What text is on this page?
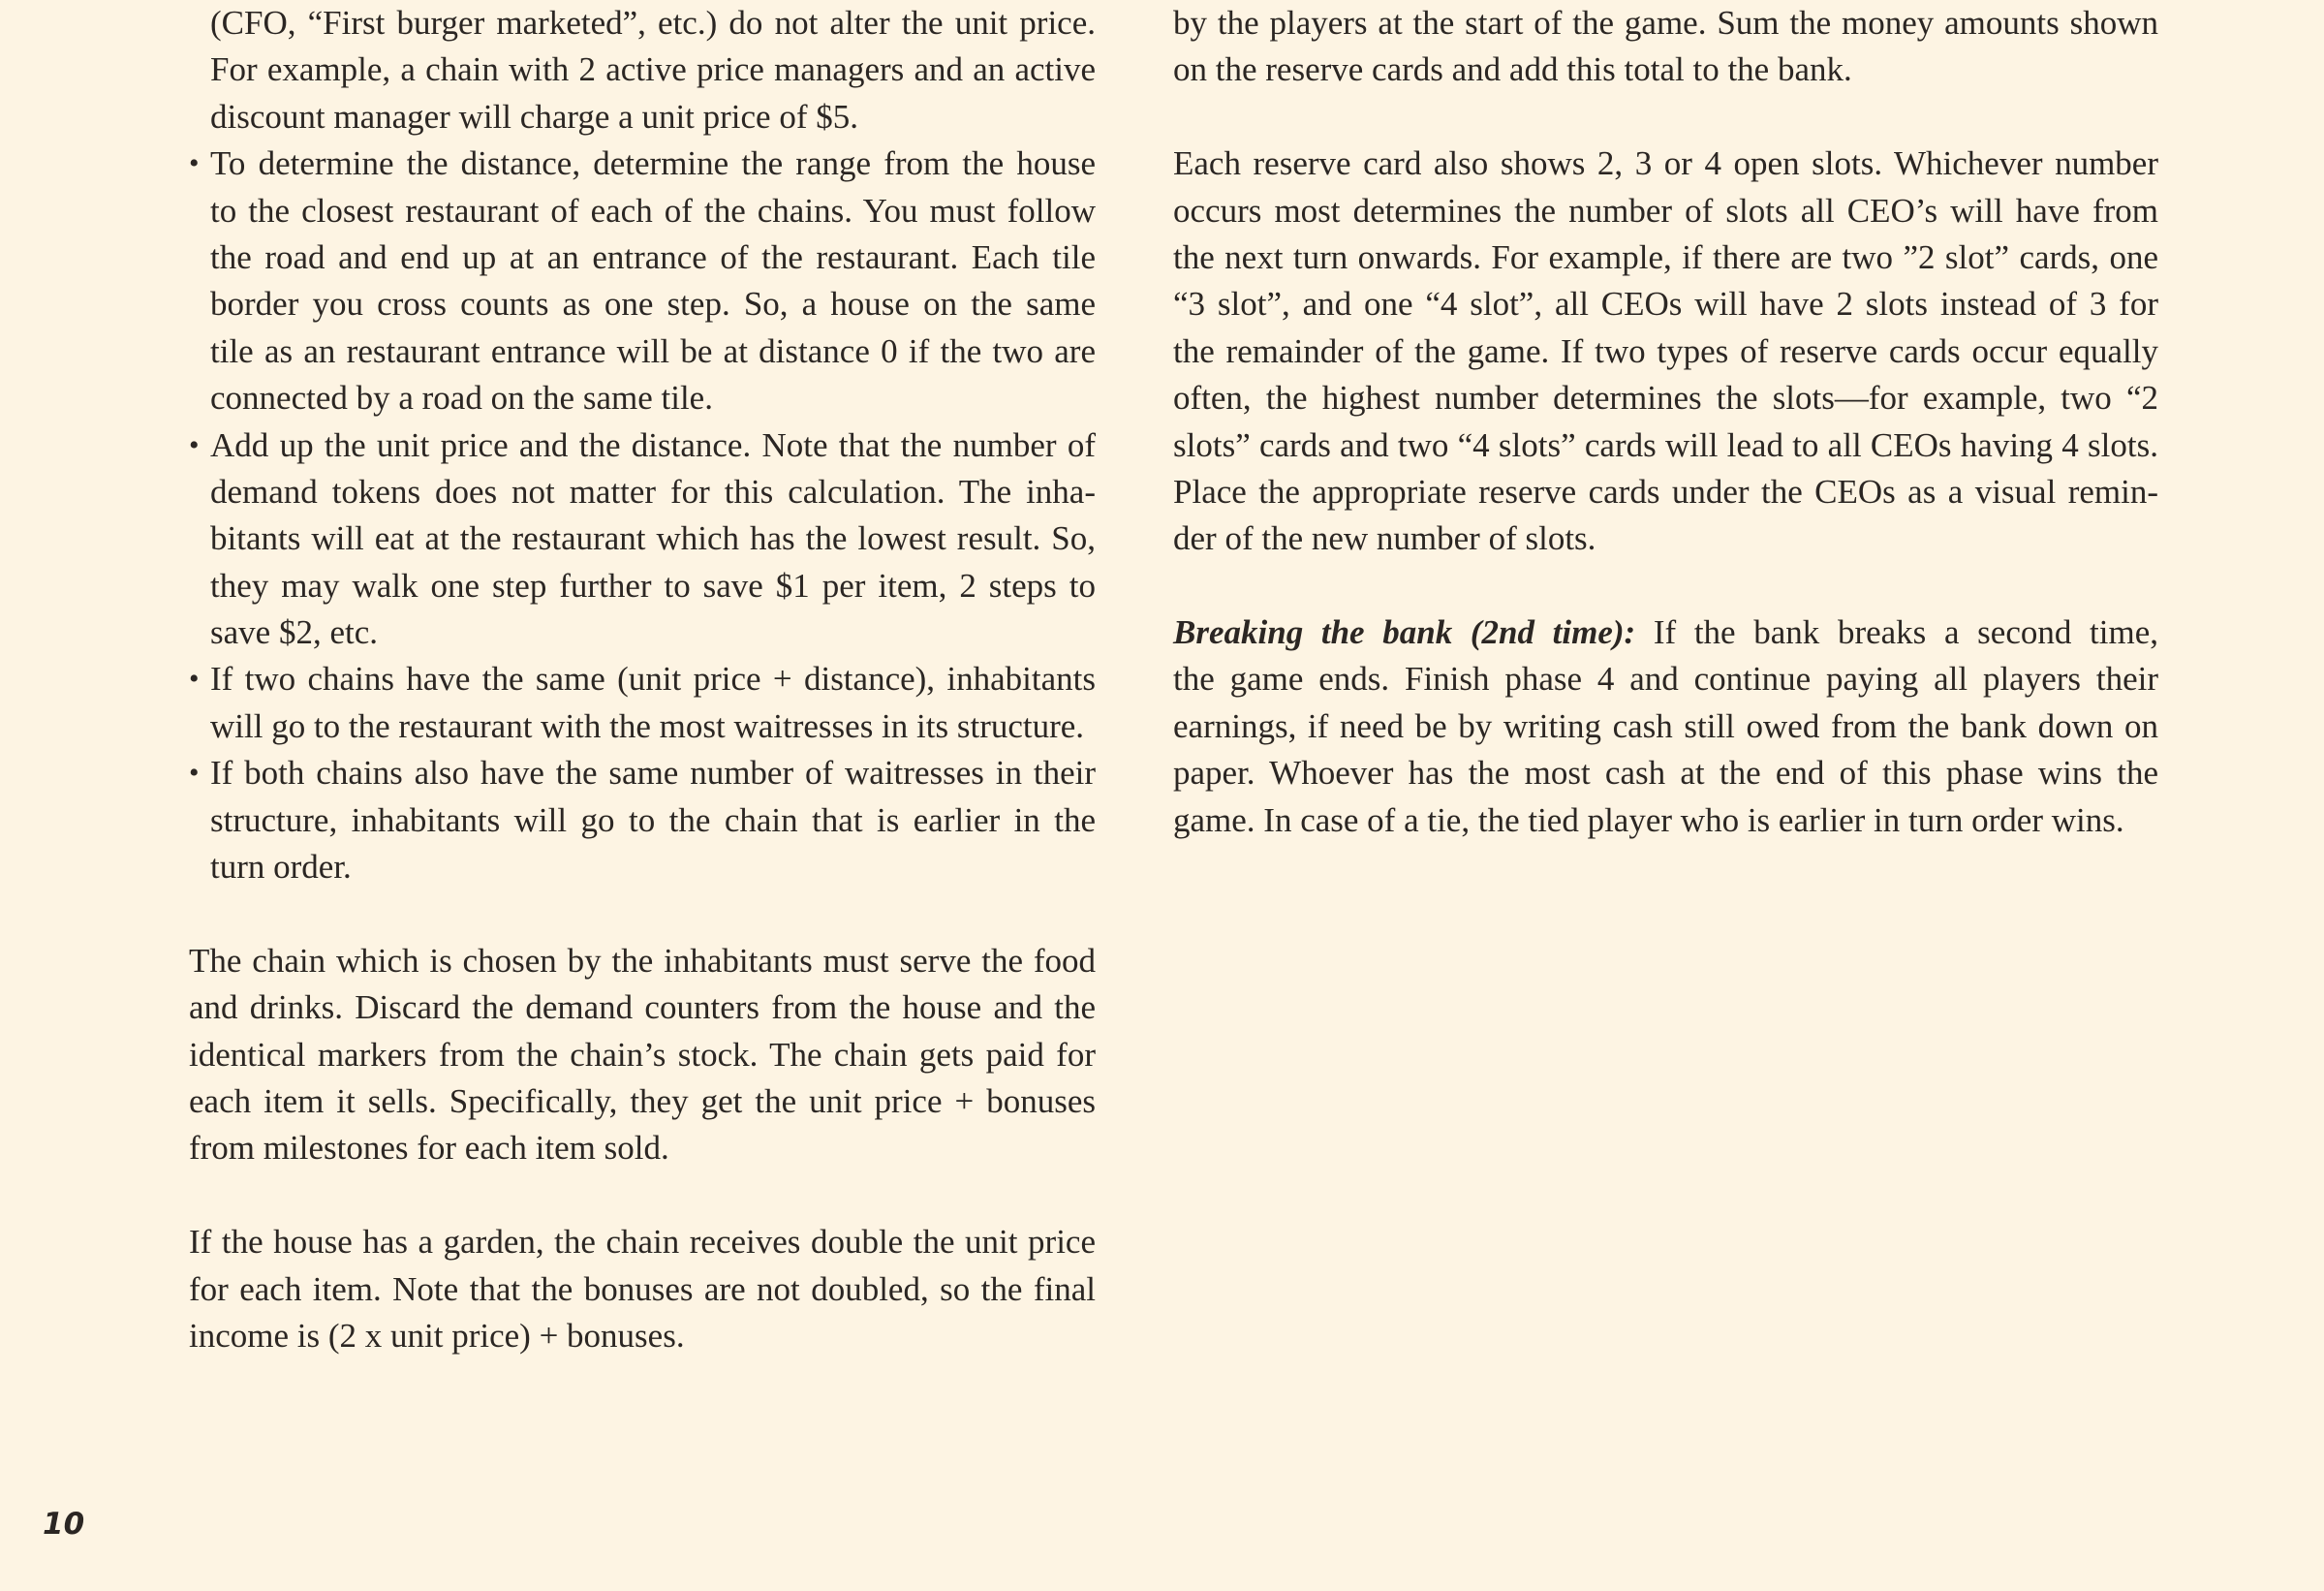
(CFO, “First burger marketed”, etc.) do not alter the unit price.
For example, a chain with 2 active price managers and an active
discount manager will charge a unit price of $5.
• To determine the distance, determine the range from the house
to the closest restaurant of each of the chains. You must follow
the road and end up at an entrance of the restaurant. Each tile
border you cross counts as one step. So, a house on the same
tile as an restaurant entrance will be at distance 0 if the two are
connected by a road on the same tile.
• Add up the unit price and the distance. Note that the number of
demand tokens does not matter for this calculation. The inha-
bitants will eat at the restaurant which has the lowest result. So,
they may walk one step further to save $1 per item, 2 steps to
save $2, etc.
• If two chains have the same (unit price + distance), inhabitants
will go to the restaurant with the most waitresses in its structure.
• If both chains also have the same number of waitresses in their
structure, inhabitants will go to the chain that is earlier in the
turn order.
The chain which is chosen by the inhabitants must serve the food
and drinks. Discard the demand counters from the house and the
identical markers from the chain’s stock. The chain gets paid for
each item it sells. Specifically, they get the unit price + bonuses
from milestones for each item sold.
If the house has a garden, the chain receives double the unit price
for each item. Note that the bonuses are not doubled, so the final
income is (2 x unit price) + bonuses.
by the players at the start of the game. Sum the money amounts shown
on the reserve cards and add this total to the bank.
Each reserve card also shows 2, 3 or 4 open slots. Whichever number
occurs most determines the number of slots all CEO’s will have from
the next turn onwards. For example, if there are two ”2 slot” cards, one
“3 slot”, and one “4 slot”, all CEOs will have 2 slots instead of 3 for
the remainder of the game. If two types of reserve cards occur equally
often, the highest number determines the slots—for example, two “2
slots” cards and two “4 slots” cards will lead to all CEOs having 4 slots.
Place the appropriate reserve cards under the CEOs as a visual remin-
der of the new number of slots.
Breaking the bank (2nd time): If the bank breaks a second time,
the game ends. Finish phase 4 and continue paying all players their
earnings, if need be by writing cash still owed from the bank down on
paper. Whoever has the most cash at the end of this phase wins the
game. In case of a tie, the tied player who is earlier in turn order wins.
10
